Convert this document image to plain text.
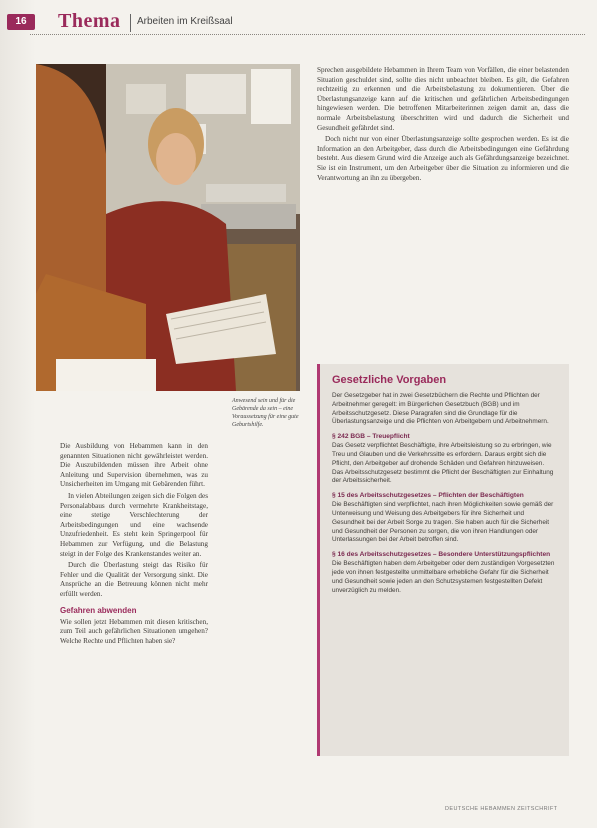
16	Thema Arbeiten im Kreißsaal

Die Ausbildung von Hebammen kann in den genannten Situationen nicht gewährleistet werden. Die Auszubildenden müssen ihre Arbeit ohne Anleitung und Supervision übernehmen, was zu Unsicherheiten im Umgang mit Gebärenden führt.

In vielen Abteilungen zeigen sich die Folgen des Personalabbaus durch vermehrte Krankheitstage, eine stetige Verschlechterung der Arbeitsbedingungen und eine wachsende Unzufriedenheit. Es steht kein Springerpool für Hebammen zur Verfügung, und die Belastung steigt in der Folge des Krankenstandes weiter an.

Durch die Überlastung steigt das Risiko für Fehler und die Qualität der Versorgung sinkt. Die Ansprüche an die Betreuung können nicht mehr erfüllt werden.

Gefahren abwenden

Wie sollen jetzt Hebammen mit diesen kritischen, zum Teil auch gefährlichen Situationen umgehen? Welche Rechte und Pflichten haben sie?

Anwesend sein und für die Gebärende da sein – eine Voraussetzung für eine gute Geburtshilfe.

Sprechen ausgebildete Hebammen in Ihrem Team von Vorfällen, die einer belastenden Situation geschuldet sind, sollte dies nicht unbeachtet bleiben. Es gilt, die Gefahren rechtzeitig zu erkennen und die Arbeitsbelastung zu dokumentieren. Über die Überlastungsanzeige kann auf die kritischen und gefährlichen Arbeitsbedingungen hingewiesen werden. Die betroffenen Mitarbeiterinnen zeigen damit an, dass die normale Arbeitsbelastung überschritten wird und dadurch die Sicherheit und Gesundheit gefährdet sind.

Doch nicht nur von einer Überlastungsanzeige sollte gesprochen werden. Es ist die Information an den Arbeitgeber, dass durch die Arbeitsbedingungen eine Gefährdung besteht. Aus diesem Grund wird die Anzeige auch als Gefährdungsanzeige bezeichnet. Sie ist ein Instrument, um den Arbeitgeber über die Situation zu informieren und die Verantwortung an ihn zu übergeben.

Gesetzliche Vorgaben

Der Gesetzgeber hat in zwei Gesetzbüchern die Rechte und Pflichten der Arbeitnehmer geregelt: im Bürgerlichen Gesetzbuch (BGB) und im Arbeitsschutzgesetz. Diese Paragrafen sind die Grundlage für die Überlastungsanzeige und die Pflichten von Arbeitgebern und Arbeitnehmern.

§ 242 BGB – Treuepflicht

Das Gesetz verpflichtet Beschäftigte, ihre Arbeitsleistung so zu erbringen, wie Treu und Glauben und die Verkehrssitte es erfordern. Daraus ergibt sich die Pflicht, den Arbeitgeber auf drohende Schäden und Gefahren hinzuweisen. Das Arbeitsschutzgesetz bestimmt die Pflicht der Beschäftigten zur Einhaltung der Arbeitssicherheit.

§ 15 des Arbeitsschutzgesetzes – Pflichten der Beschäftigten

Die Beschäftigten sind verpflichtet, nach ihren Möglichkeiten sowie gemäß der Unterweisung und Weisung des Arbeitgebers für ihre Sicherheit und Gesundheit bei der Arbeit Sorge zu tragen. Sie haben auch für die Sicherheit und Gesundheit der Personen zu sorgen, die von ihren Handlungen oder Unterlassungen bei der Arbeit betroffen sind.

§ 16 des Arbeitsschutzgesetzes – Besondere Unterstützungspflichten

Die Beschäftigten haben dem Arbeitgeber oder dem zuständigen Vorgesetzten jede von ihnen festgestellte unmittelbare erhebliche Gefahr für die Sicherheit und Gesundheit sowie jeden an den Schutzsystemen festgestellten Defekt unverzüglich zu melden.

DEUTSCHE HEBAMMEN ZEITSCHRIFT
